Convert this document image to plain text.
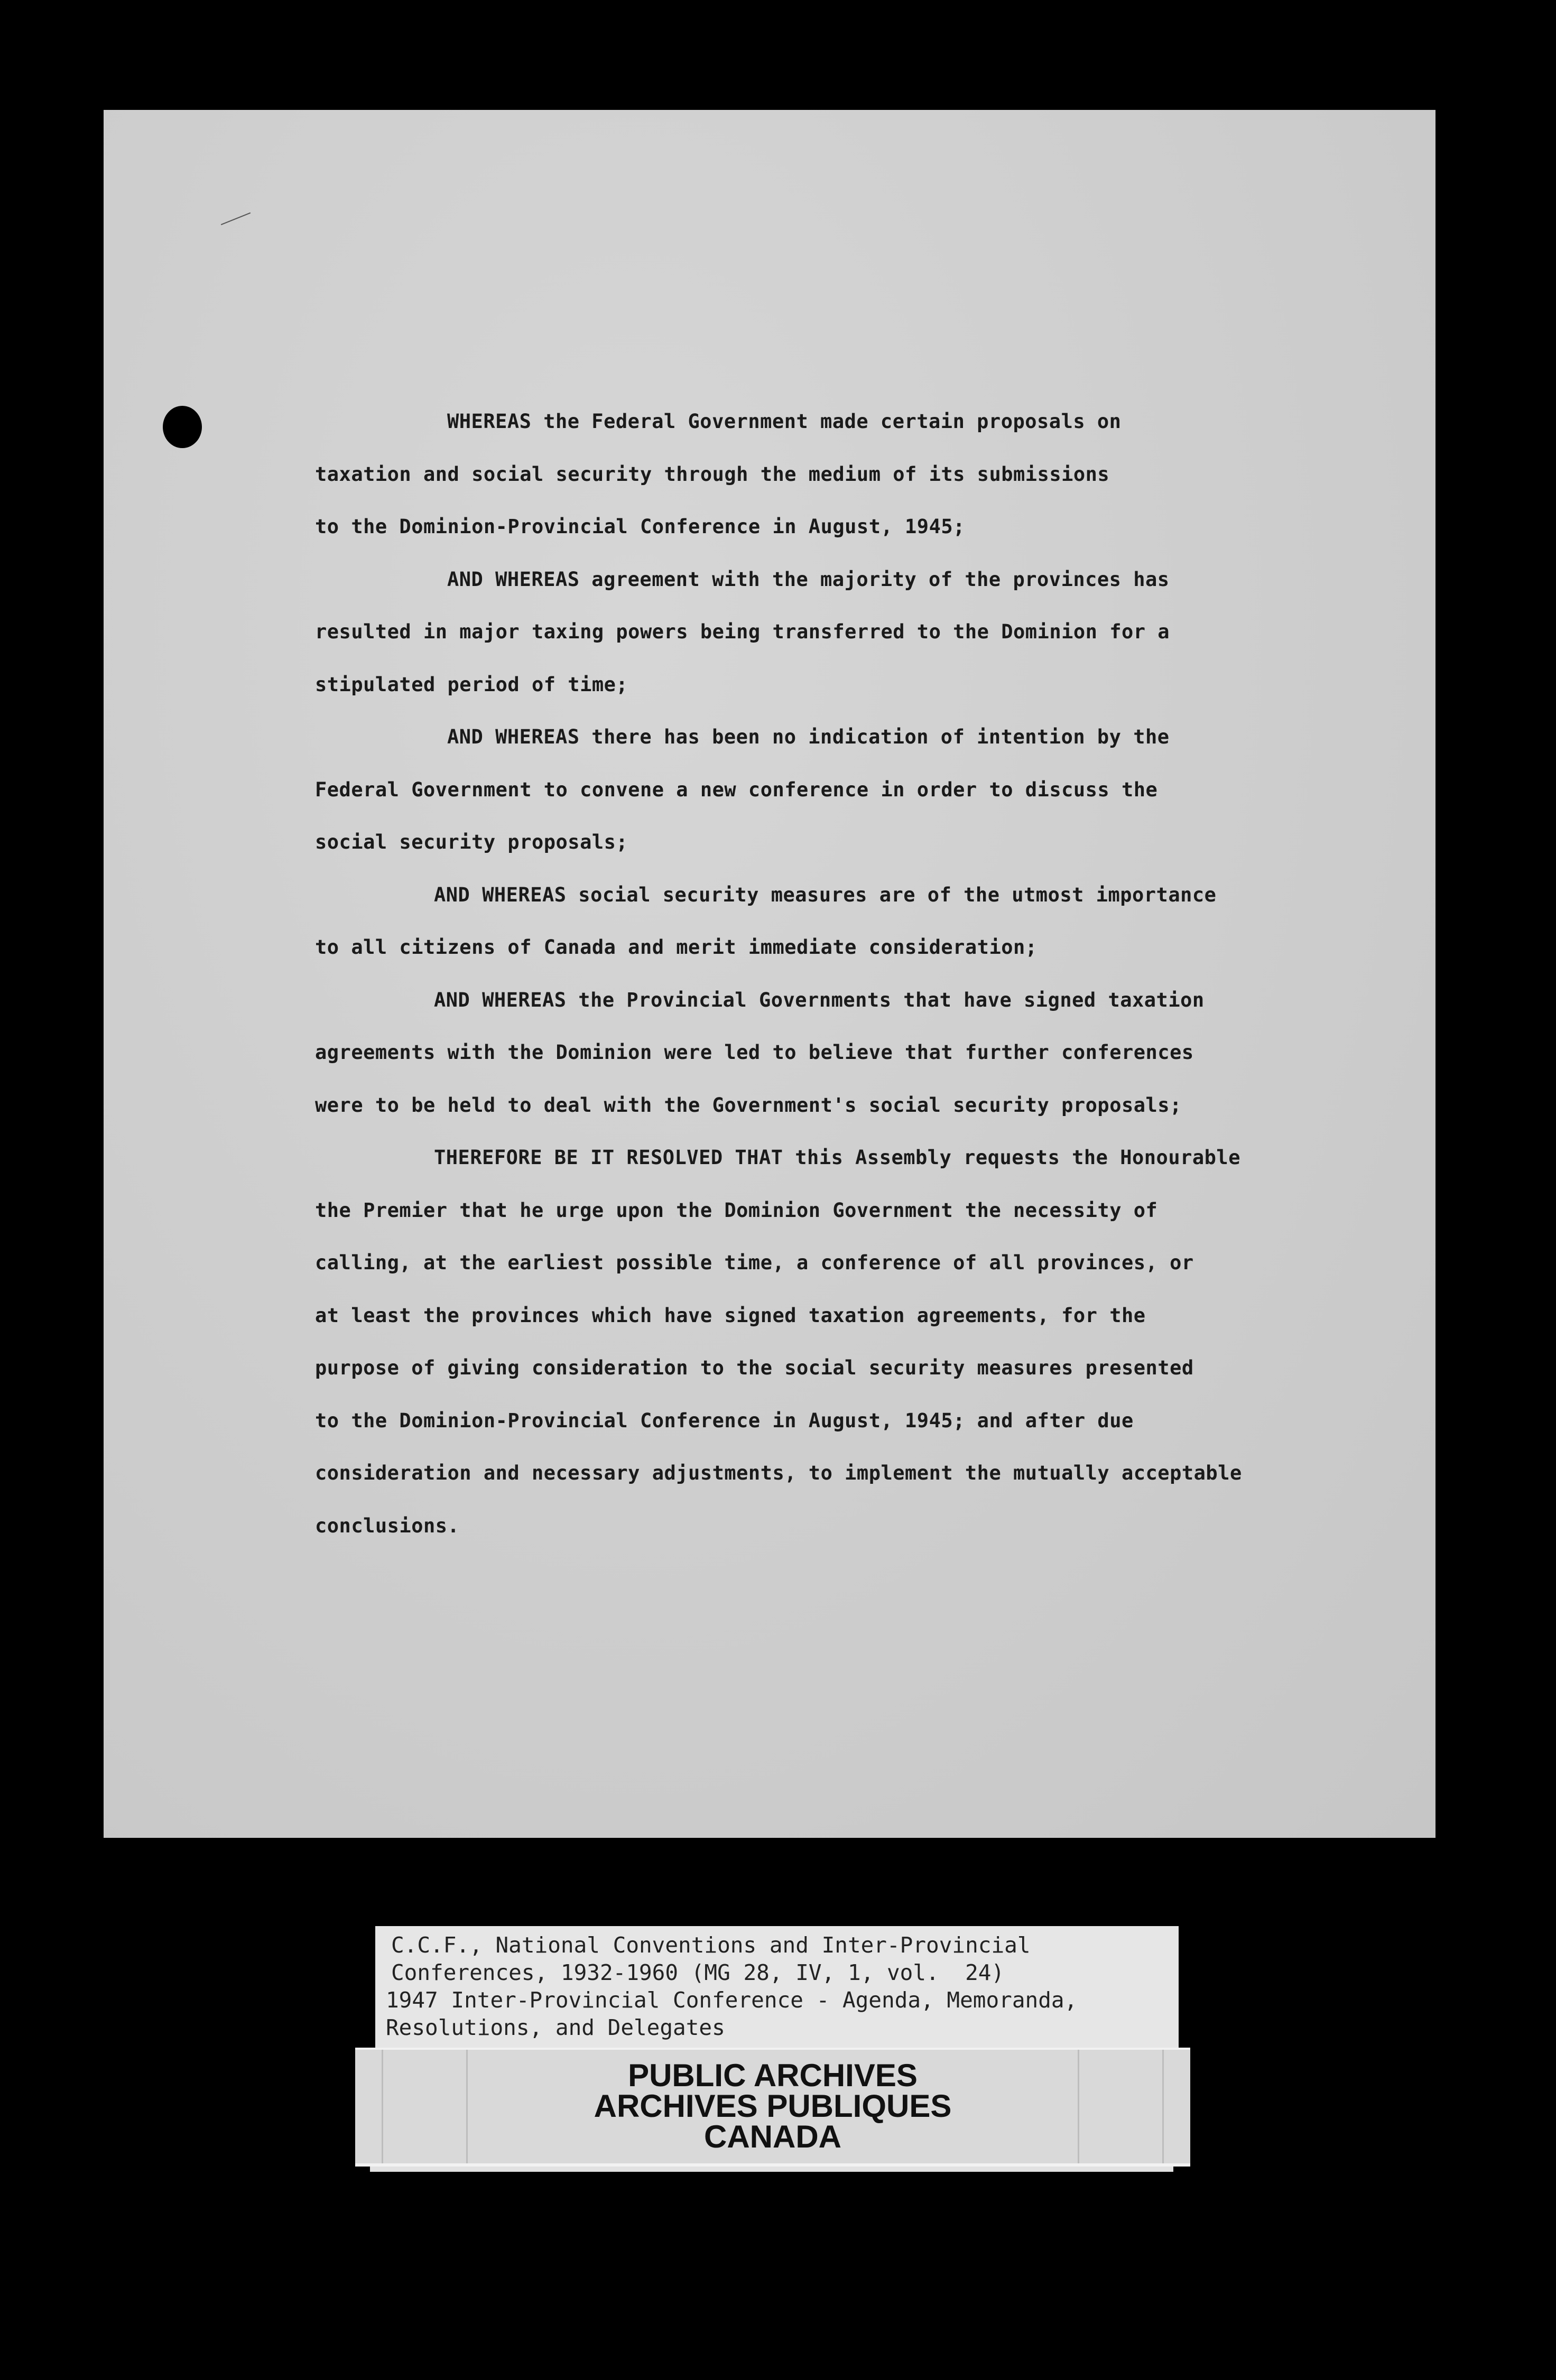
WHEREAS the Federal Government made certain proposals on
taxation and social security through the medium of its submissions
to the Dominion-Provincial Conference in August, 1945;

AND WHEREAS agreement with the majority of the provinces has
resulted in major taxing powers being transferred to the Dominion for a
stipulated period of time;

AND WHEREAS there has been no indication of intention by the
Federal Government to convene a new conference in order to discuss the
social security proposals;

AND WHEREAS social security measures are of the utmost importance
to all citizens of Canada and merit immediate consideration;

AND WHEREAS the Provincial Governments that have signed taxation
agreements with the Dominion were led to believe that further conferences
were to be held to deal with the Government's social security proposals;

THEREFORE BE IT RESOLVED THAT this Assembly requests the Honourable
the Premier that he urge upon the Dominion Government the necessity of
calling, at the earliest possible time, a conference of all provinces, or
at least the provinces which have signed taxation agreements, for the
purpose of giving consideration to the social security measures presented
to the Dominion-Provincial Conference in August, 1945; and after due
consideration and necessary adjustments, to implement the mutually acceptable
conclusions.

C.C.F., National Conventions and Inter-Provincial
Conferences, 1932-1960 (MG 28, IV, 1, vol.  24)
1947 Inter-Provincial Conference - Agenda, Memoranda,
Resolutions, and Delegates
PUBLIC ARCHIVES
ARCHIVES PUBLIQUES
CANADA
